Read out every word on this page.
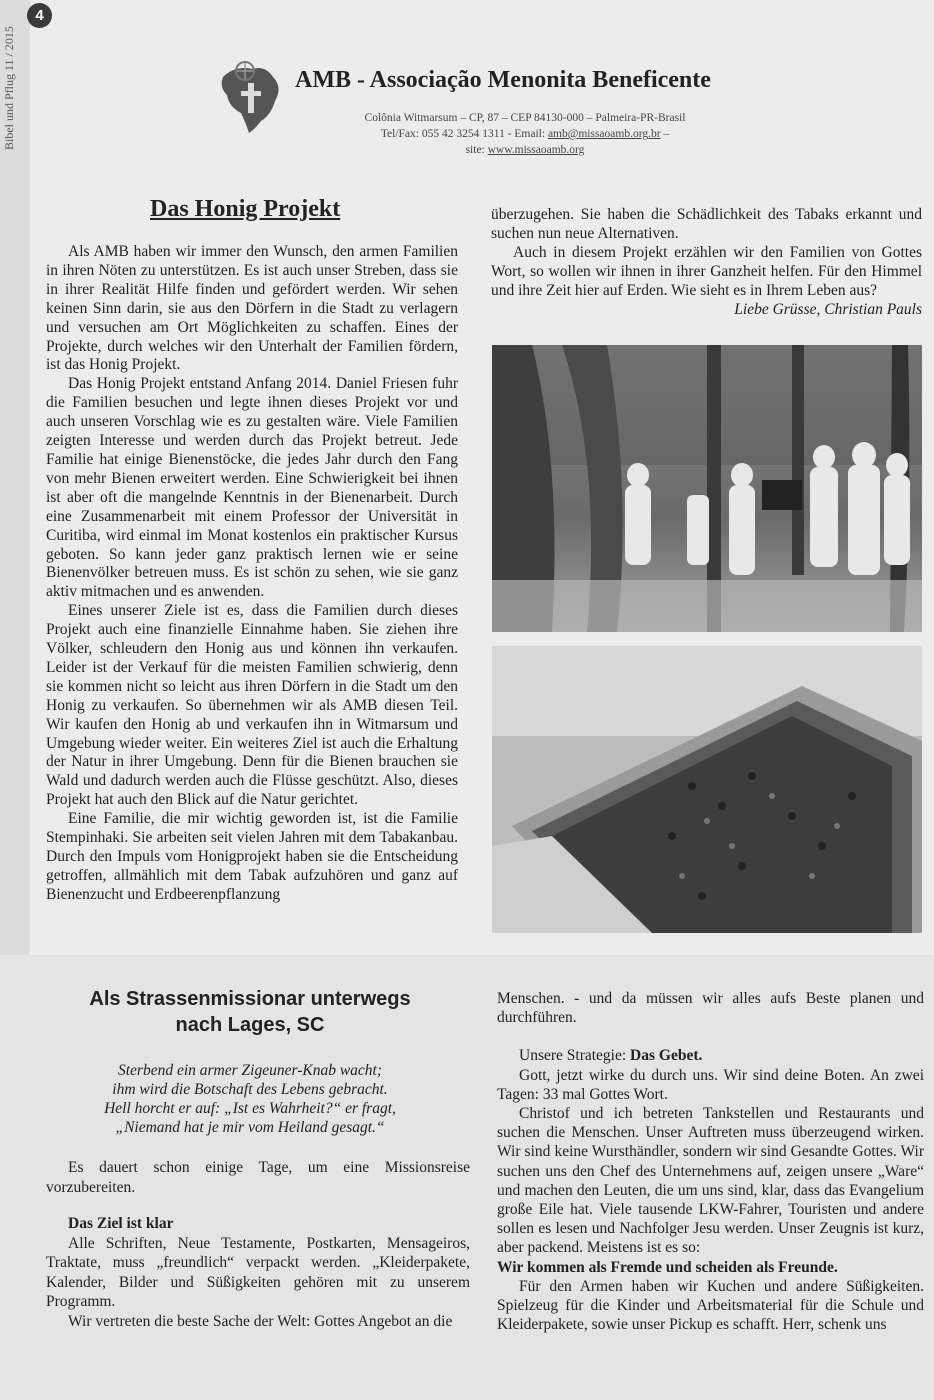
4
Bibel und Pflug 11 / 2015	AMB - Associação Menonita Beneficente
Colônia Witmarsum – CP, 87 – CEP 84130-000 – Palmeira-PR-Brasil
Tel/Fax: 055 42 3254 1311 - Email: amb@missaoamb.org.br –
site: www.missaoamb.org
Das Honig Projekt

Als AMB haben wir immer den Wunsch, den armen Familien in ihren Nöten zu unterstützen. Es ist auch unser Streben, dass sie in ihrer Realität Hilfe finden und gefördert werden. Wir sehen keinen Sinn darin, sie aus den Dörfern in die Stadt zu verlagern und versuchen am Ort Möglichkeiten zu schaffen. Eines der Projekte, durch welches wir den Unterhalt der Familien fördern, ist das Honig Projekt.

Das Honig Projekt entstand Anfang 2014. Daniel Friesen fuhr die Familien besuchen und legte ihnen dieses Projekt vor und auch unseren Vorschlag wie es zu gestalten wäre. Viele Familien zeigten Interesse und werden durch das Projekt betreut. Jede Familie hat einige Bienenstöcke, die jedes Jahr durch den Fang von mehr Bienen erweitert werden. Eine Schwierigkeit bei ihnen ist aber oft die mangelnde Kenntnis in der Bienenarbeit. Durch eine Zusammenarbeit mit einem Professor der Universität in Curitiba, wird einmal im Monat kostenlos ein praktischer Kursus geboten. So kann jeder ganz praktisch lernen wie er seine Bienenvölker betreuen muss. Es ist schön zu sehen, wie sie ganz aktiv mitmachen und es anwenden.

Eines unserer Ziele ist es, dass die Familien durch dieses Projekt auch eine finanzielle Einnahme haben. Sie ziehen ihre Völker, schleudern den Honig aus und können ihn verkaufen. Leider ist der Verkauf für die meisten Familien schwierig, denn sie kommen nicht so leicht aus ihren Dörfern in die Stadt um den Honig zu verkaufen. So übernehmen wir als AMB diesen Teil. Wir kaufen den Honig ab und verkaufen ihn in Witmarsum und Umgebung wieder weiter. Ein weiteres Ziel ist auch die Erhaltung der Natur in ihrer Umgebung. Denn für die Bienen brauchen sie Wald und dadurch werden auch die Flüsse geschützt. Also, dieses Projekt hat auch den Blick auf die Natur gerichtet.

Eine Familie, die mir wichtig geworden ist, ist die Familie Stempinhaki. Sie arbeiten seit vielen Jahren mit dem Tabakanbau. Durch den Impuls vom Honigprojekt haben sie die Entscheidung getroffen, allmählich mit dem Tabak aufzuhören und ganz auf Bienenzucht und Erdbeerenpflanzung

überzugehen. Sie haben die Schädlichkeit des Tabaks erkannt und suchen nun neue Alternativen.

Auch in diesem Projekt erzählen wir den Familien von Gottes Wort, so wollen wir ihnen in ihrer Ganzheit helfen. Für den Himmel und ihre Zeit hier auf Erden. Wie sieht es in Ihrem Leben aus?

Liebe Grüsse, Christian Pauls
Als Strassenmissionar unterwegs
nach Lages, SC
Sterbend ein armer Zigeuner-Knab wacht;
ihm wird die Botschaft des Lebens gebracht.
Hell horcht er auf: „Ist es Wahrheit?“ er fragt,
„Niemand hat je mir vom Heiland gesagt.“

Es dauert schon einige Tage, um eine Missionsreise vorzubereiten.

Das Ziel ist klar

Alle Schriften, Neue Testamente, Postkarten, Mensageiros, Traktate, muss „freundlich“ verpackt werden. „Kleiderpakete, Kalender, Bilder und Süßigkeiten gehören mit zu unserem Programm.

Wir vertreten die beste Sache der Welt: Gottes Angebot an die

Menschen. - und da müssen wir alles aufs Beste planen und durchführen.

Unsere Strategie: Das Gebet.

Gott, jetzt wirke du durch uns. Wir sind deine Boten. An zwei Tagen: 33 mal Gottes Wort.

Christof und ich betreten Tankstellen und Restaurants und suchen die Menschen. Unser Auftreten muss überzeugend wirken. Wir sind keine Wursthändler, sondern wir sind Gesandte Gottes. Wir suchen uns den Chef des Unternehmens auf, zeigen unsere „Ware“ und machen den Leuten, die um uns sind, klar, dass das Evangelium große Eile hat. Viele tausende LKW-Fahrer, Touristen und andere sollen es lesen und Nachfolger Jesu werden. Unser Zeugnis ist kurz, aber packend. Meistens ist es so:
Wir kommen als Fremde und scheiden als Freunde.

Für den Armen haben wir Kuchen und andere Süßigkeiten. Spielzeug für die Kinder und Arbeitsmaterial für die Schule und Kleiderpakete, sowie unser Pickup es schafft. Herr, schenk uns
